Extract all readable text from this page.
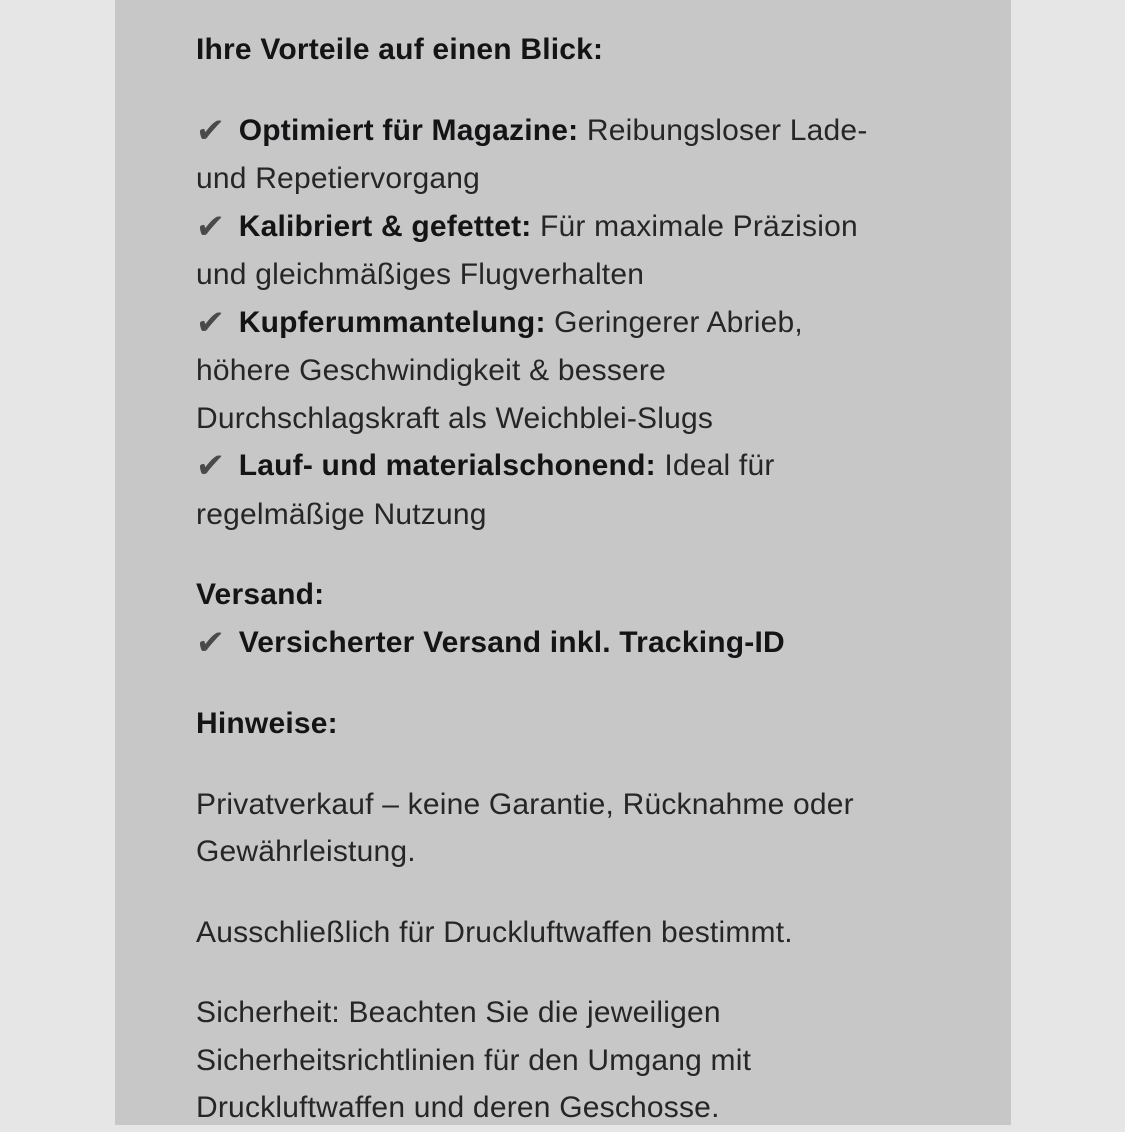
Ihre Vorteile auf einen Blick:
✔ Optimiert für Magazine: Reibungsloser Lade-
und Repetiervorgang
✔ Kalibriert & gefettet: Für maximale Präzision
und gleichmäßiges Flugverhalten
✔ Kupferummantelung: Geringerer Abrieb,
höhere Geschwindigkeit & bessere
Durchschlagskraft als Weichblei-Slugs
✔ Lauf- und materialschonend: Ideal für
regelmäßige Nutzung
Versand:
✔ Versicherter Versand inkl. Tracking-ID
Hinweise:
Privatverkauf – keine Garantie, Rücknahme oder
Gewährleistung.
Ausschließlich für Druckluftwaffen bestimmt.
Sicherheit: Beachten Sie die jeweiligen
Sicherheitsrichtlinien für den Umgang mit
Druckluftwaffen und deren Geschosse.
